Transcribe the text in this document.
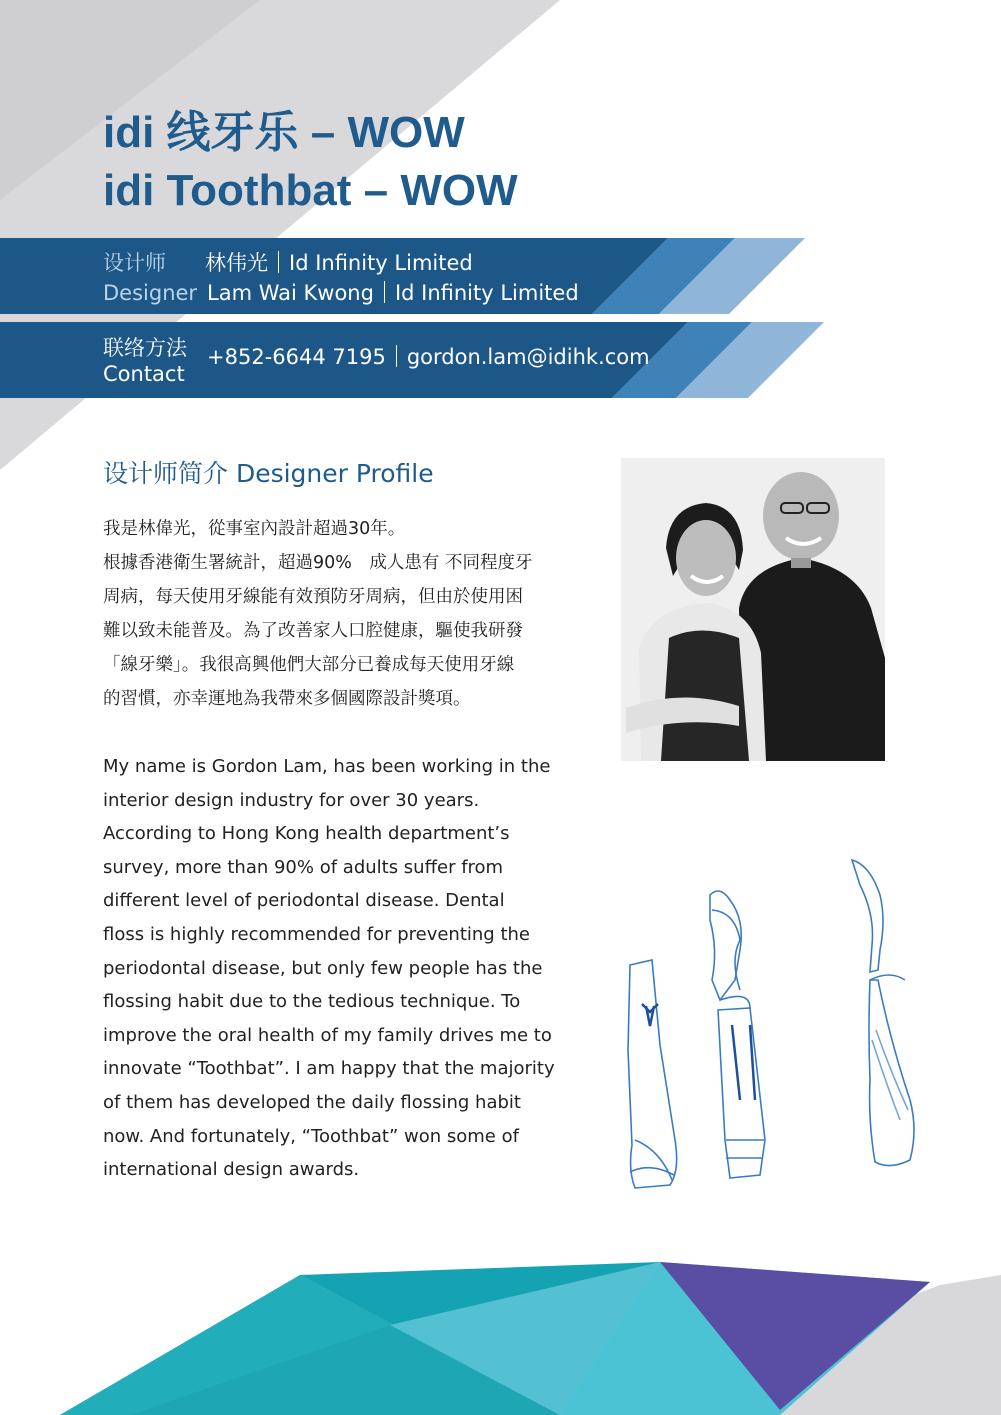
idi 线牙乐 – WOW
idi Toothbat – WOW
设计师 林伟光 Id Infinity Limited
Designer Lam Wai Kwong Id Infinity Limited
联络方法
Contact
+852-6644 7195 gordon.lam@idihk.com
设计师简介 Designer Profile
我是林偉光，從事室內設計超過30年。
根據香港衛生署統計，超過90%　成人患有 不同程度牙
周病，每天使用牙線能有效預防牙周病，但由於使用困
難以致未能普及。為了改善家人口腔健康，驅使我研發
「線牙樂」。我很高興他們大部分已養成每天使用牙線
的習慣，亦幸運地為我帶來多個國際設計獎項。
My name is Gordon Lam, has been working in the
interior design industry for over 30 years.
According to Hong Kong health department’s
survey, more than 90% of adults suffer from
different level of periodontal disease. Dental
floss is highly recommended for preventing the
periodontal disease, but only few people has the
flossing habit due to the tedious technique. To
improve the oral health of my family drives me to
innovate “Toothbat”. I am happy that the majority
of them has developed the daily flossing habit
now. And fortunately, “Toothbat” won some of
international design awards.
